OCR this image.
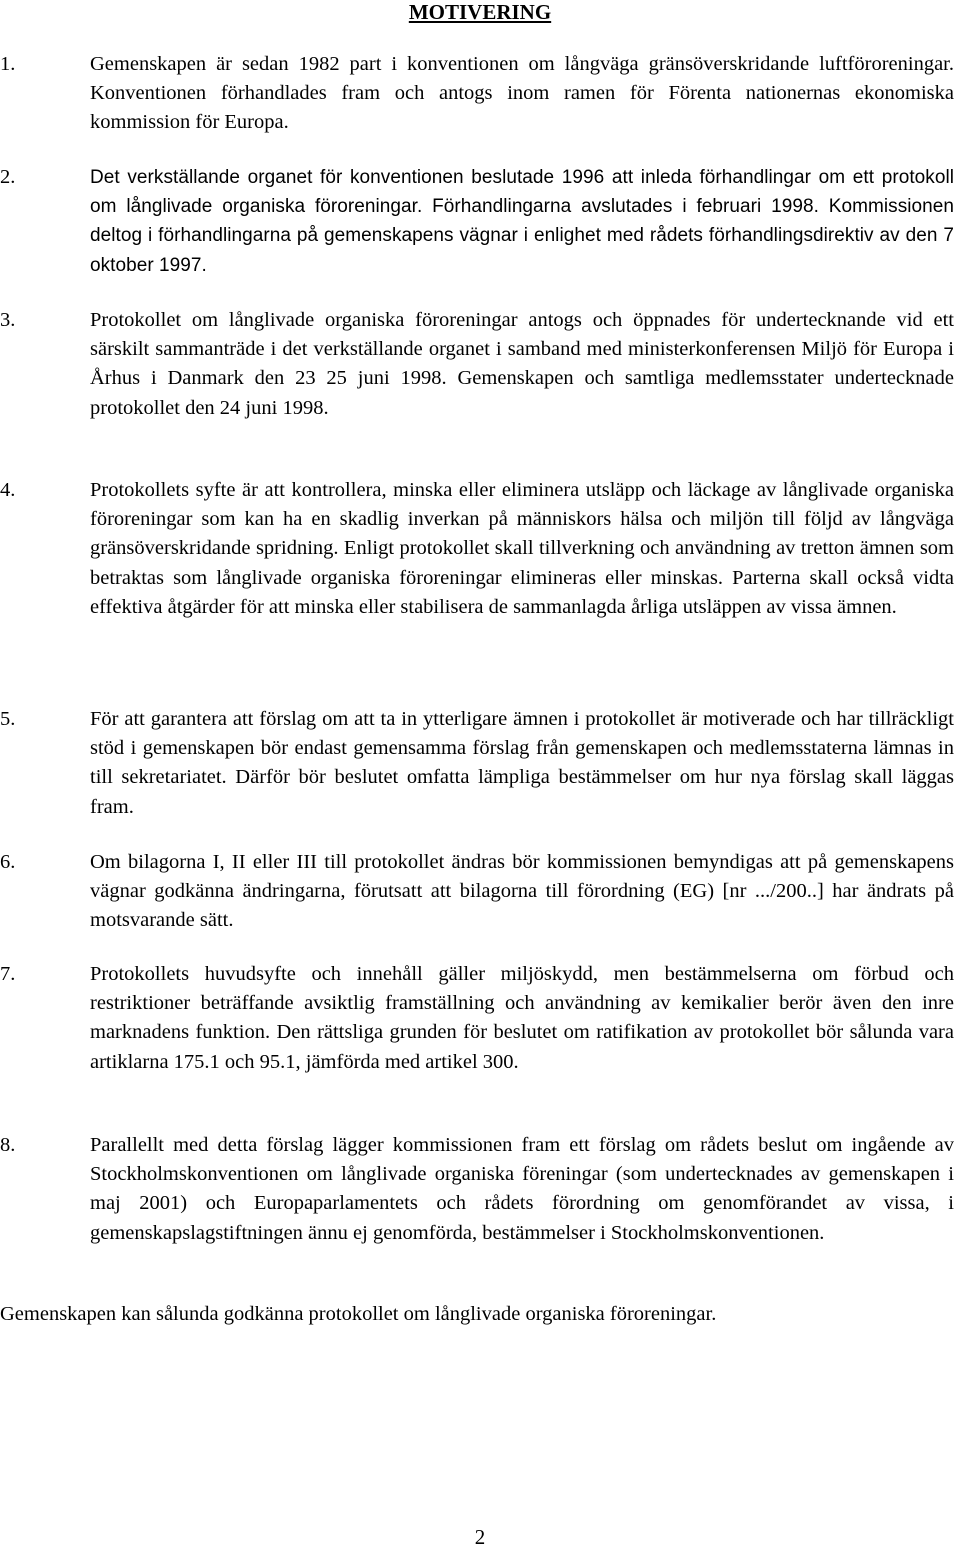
MOTIVERING
1.	Gemenskapen är sedan 1982 part i konventionen om långväga gränsöverskridande luftföroreningar. Konventionen förhandlades fram och antogs inom ramen för Förenta nationernas ekonomiska kommission för Europa.

2.	Det verkställande organet för konventionen beslutade 1996 att inleda förhandlingar om ett protokoll om långlivade organiska föroreningar. Förhandlingarna avslutades i februari 1998. Kommissionen deltog i förhandlingarna på gemenskapens vägnar i enlighet med rådets förhandlingsdirektiv av den 7 oktober 1997.

3.	Protokollet om långlivade organiska föroreningar antogs och öppnades för undertecknande vid ett särskilt sammanträde i det verkställande organet i samband med ministerkonferensen Miljö för Europa i Århus i Danmark den 23 25 juni 1998. Gemenskapen och samtliga medlemsstater undertecknade protokollet den 24 juni 1998.

4.	Protokollets syfte är att kontrollera, minska eller eliminera utsläpp och läckage av långlivade organiska föroreningar som kan ha en skadlig inverkan på människors hälsa och miljön till följd av långväga gränsöverskridande spridning. Enligt protokollet skall tillverkning och användning av tretton ämnen som betraktas som långlivade organiska föroreningar elimineras eller minskas. Parterna skall också vidta effektiva åtgärder för att minska eller stabilisera de sammanlagda årliga utsläppen av vissa ämnen.

5.	För att garantera att förslag om att ta in ytterligare ämnen i protokollet är motiverade och har tillräckligt stöd i gemenskapen bör endast gemensamma förslag från gemenskapen och medlemsstaterna lämnas in till sekretariatet. Därför bör beslutet omfatta lämpliga bestämmelser om hur nya förslag skall läggas fram.

6.	Om bilagorna I, II eller III till protokollet ändras bör kommissionen bemyndigas att på gemenskapens vägnar godkänna ändringarna, förutsatt att bilagorna till förordning (EG) [nr .../200..] har ändrats på motsvarande sätt.

7.	Protokollets huvudsyfte och innehåll gäller miljöskydd, men bestämmelserna om förbud och restriktioner beträffande avsiktlig framställning och användning av kemikalier berör även den inre marknadens funktion. Den rättsliga grunden för beslutet om ratifikation av protokollet bör sålunda vara artiklarna 175.1 och 95.1, jämförda med artikel 300.

8.	Parallellt med detta förslag lägger kommissionen fram ett förslag om rådets beslut om ingående av Stockholmskonventionen om långlivade organiska föreningar (som undertecknades av gemenskapen i maj 2001) och Europaparlamentets och rådets förordning om genomförandet av vissa, i gemenskapslagstiftningen ännu ej genomförda, bestämmelser i Stockholmskonventionen.

Gemenskapen kan sålunda godkänna protokollet om långlivade organiska föroreningar.

2
